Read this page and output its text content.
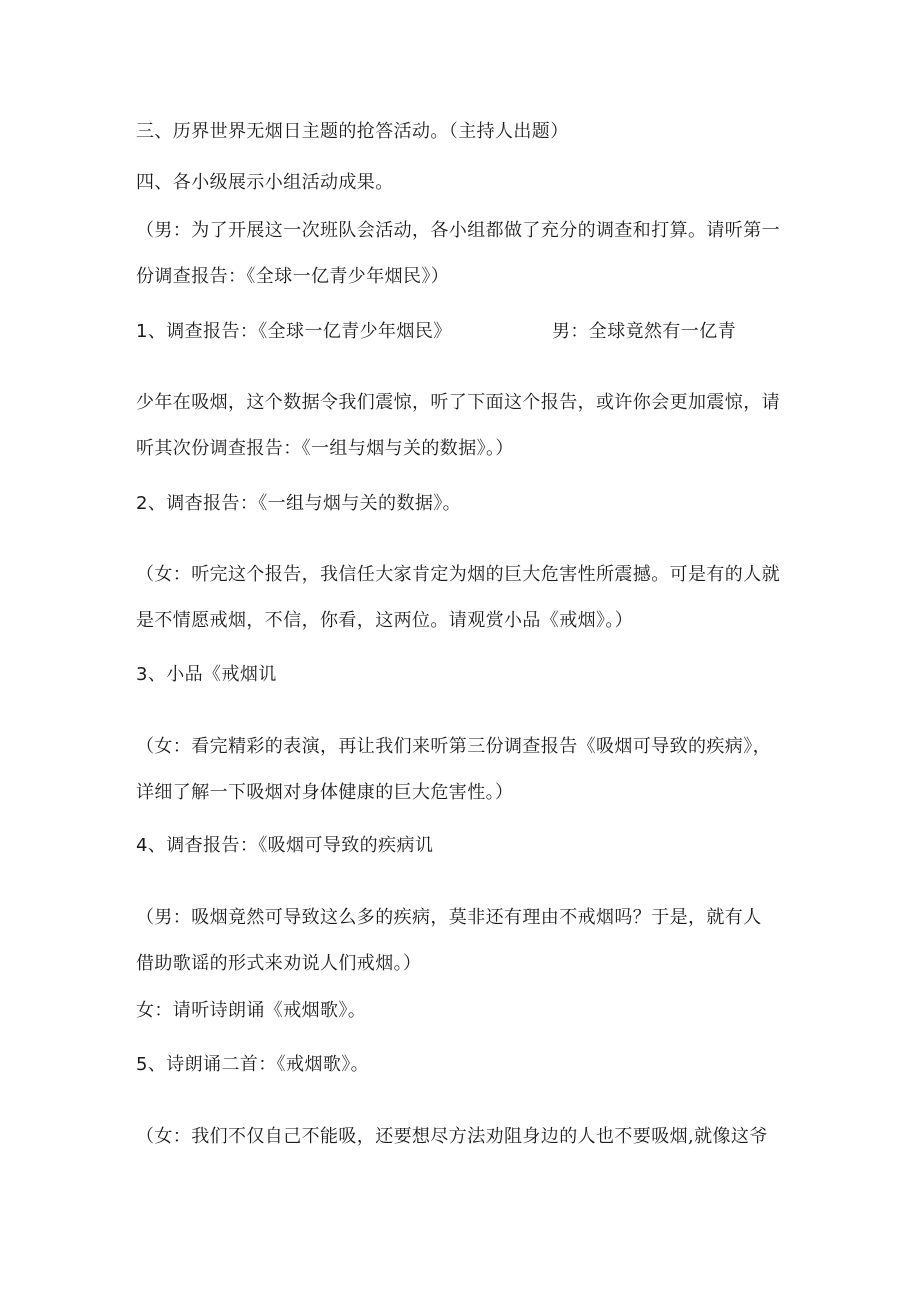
三、历界世界无烟日主题的抢答活动。（主持人出题）
四、各小级展示小组活动成果。
（男：为了开展这一次班队会活动，各小组都做了充分的调查和打算。请听第一
份调查报告：《全球一亿青少年烟民》）
1、调查报告：《全球一亿青少年烟民》	男：全球竟然有一亿青
少年在吸烟，这个数据令我们震惊，听了下面这个报告，或许你会更加震惊，请
听其次份调查报告：《一组与烟与关的数据》。）
2、调杳报告：《一组与烟与关的数据》。
（女：听完这个报告，我信任大家肯定为烟的巨大危害性所震撼。可是有的人就
是不情愿戒烟，不信，你看，这两位。请观赏小品《戒烟》。）
3、小品《戒烟讥
（女：看完精彩的表演，再让我们来听第三份调查报告《吸烟可导致的疾病》，
详细了解一下吸烟对身体健康的巨大危害性。）
4、调杳报告：《吸烟可导致的疾病讥
（男：吸烟竟然可导致这么多的疾病，莫非还有理由不戒烟吗？于是，就有人
借助歌谣的形式来劝说人们戒烟。）
女：请听诗朗诵《戒烟歌》。
5、诗朗诵二首：《戒烟歌》。
（女：我们不仅自己不能吸，还要想尽方法劝阻身边的人也不要吸烟,就像这爷
